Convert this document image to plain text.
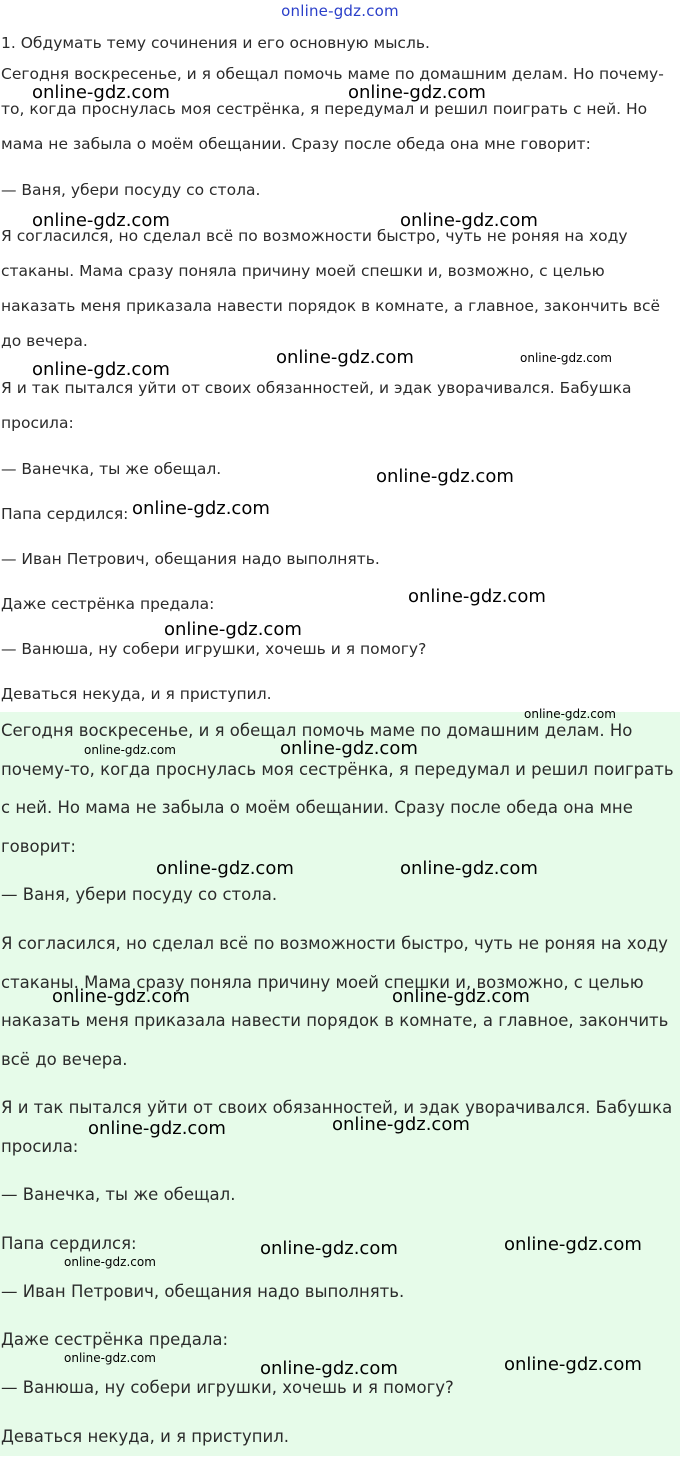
online-gdz.com
1. Обдумать тему сочинения и его основную мысль.
Сегодня воскресенье, и я обещал помочь маме по домашним делам. Но почему-то, когда проснулась моя сестрёнка, я передумал и решил поиграть с ней. Но мама не забыла о моём обещании. Сразу после обеда она мне говорит:
— Ваня, убери посуду со стола.
Я согласился, но сделал всё по возможности быстро, чуть не роняя на ходу стаканы. Мама сразу поняла причину моей спешки и, возможно, с целью наказать меня приказала навести порядок в комнате, а главное, закончить всё до вечера.
Я и так пытался уйти от своих обязанностей, и эдак уворачивался. Бабушка просила:
— Ванечка, ты же обещал.
Папа сердился:
— Иван Петрович, обещания надо выполнять.
Даже сестрёнка предала:
— Ванюша, ну собери игрушки, хочешь и я помогу?
Деваться некуда, и я приступил.
Сегодня воскресенье, и я обещал помочь маме по домашним делам. Но почему-то, когда проснулась моя сестрёнка, я передумал и решил поиграть с ней. Но мама не забыла о моём обещании. Сразу после обеда она мне говорит:
— Ваня, убери посуду со стола.
Я согласился, но сделал всё по возможности быстро, чуть не роняя на ходу стаканы. Мама сразу поняла причину моей спешки и, возможно, с целью наказать меня приказала навести порядок в комнате, а главное, закончить всё до вечера.
Я и так пытался уйти от своих обязанностей, и эдак уворачивался. Бабушка просила:
— Ванечка, ты же обещал.
Папа сердился:
— Иван Петрович, обещания надо выполнять.
Даже сестрёнка предала:
— Ванюша, ну собери игрушки, хочешь и я помогу?
Деваться некуда, и я приступил.
online-gdz.com	online-gdz.com
online-gdz.com	online-gdz.com
online-gdz.com	online-gdz.com
online-gdz.com
online-gdz.com
online-gdz.com
online-gdz.com
online-gdz.com
online-gdz.com
online-gdz.com	online-gdz.com
online-gdz.com	online-gdz.com
online-gdz.com	online-gdz.com
online-gdz.com	online-gdz.com
online-gdz.com	online-gdz.com
online-gdz.com
online-gdz.com	online-gdz.com	online-gdz.com
